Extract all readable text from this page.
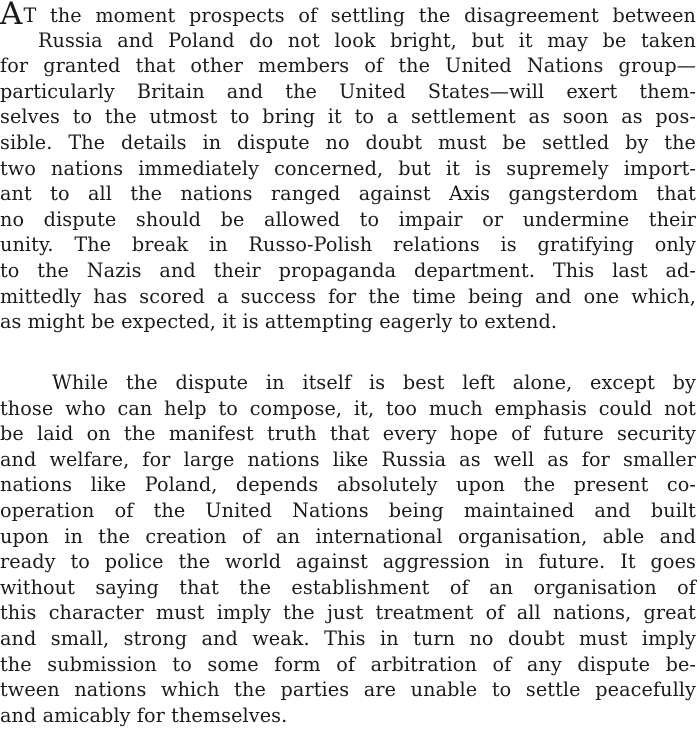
AT the moment prospects of settling the disagreement between
Russia and Poland do not look bright, but it may be taken
for granted that other members of the United Nations group—
particularly Britain and the United States—will exert them-
selves to the utmost to bring it to a settlement as soon as pos-
sible. The details in dispute no doubt must be settled by the
two nations immediately concerned, but it is supremely import-
ant to all the nations ranged against Axis gangsterdom that
no dispute should be allowed to impair or undermine their
unity. The break in Russo-Polish relations is gratifying only
to the Nazis and their propaganda department. This last ad-
mittedly has scored a success for the time being and one which,
as might be expected, it is attempting eagerly to extend.
While the dispute in itself is best left alone, except by
those who can help to compose, it, too much emphasis could not
be laid on the manifest truth that every hope of future security
and welfare, for large nations like Russia as well as for smaller
nations like Poland, depends absolutely upon the present co-
operation of the United Nations being maintained and built
upon in the creation of an international organisation, able and
ready to police the world against aggression in future. It goes
without saying that the establishment of an organisation of
this character must imply the just treatment of all nations, great
and small, strong and weak. This in turn no doubt must imply
the submission to some form of arbitration of any dispute be-
tween nations which the parties are unable to settle peacefully
and amicably for themselves.
